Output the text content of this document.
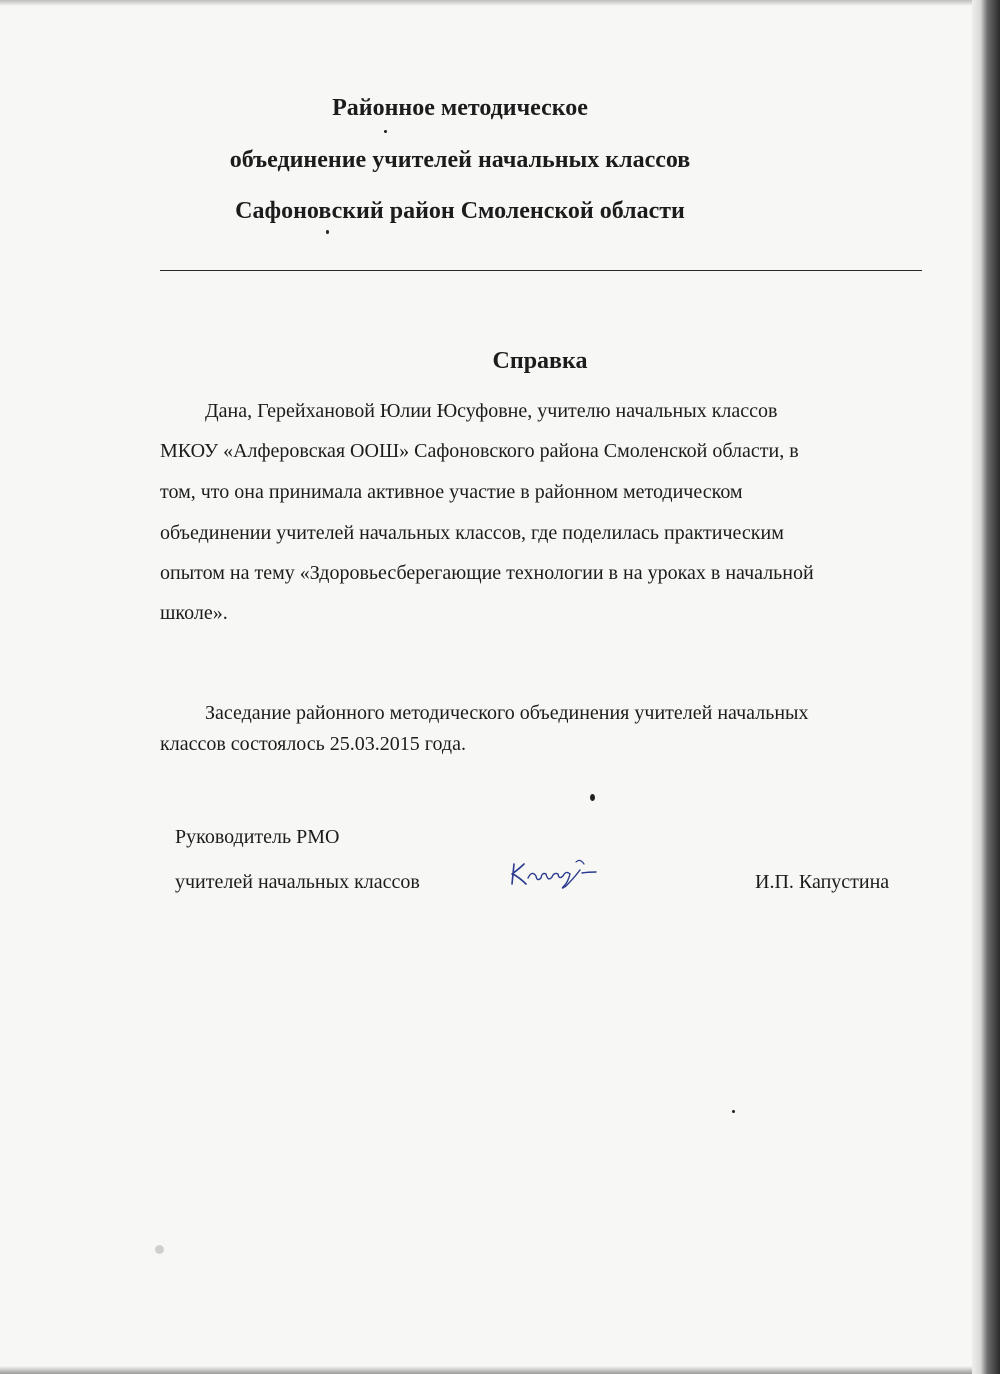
Районное методическое
объединение учителей начальных классов
Сафоновский район Смоленской области
Справка
Дана, Герейхановой Юлии Юсуфовне, учителю начальных классов
МКОУ «Алферовская ООШ» Сафоновского района Смоленской области, в
том, что она принимала активное участие в районном методическом
объединении учителей начальных классов, где поделилась практическим
опытом на тему «Здоровьесберегающие технологии в на уроках в начальной
школе».
Заседание районного методического объединения учителей начальных
классов состоялось 25.03.2015 года.
Руководитель РМО
учителей начальных классов	И.П. Капустина
